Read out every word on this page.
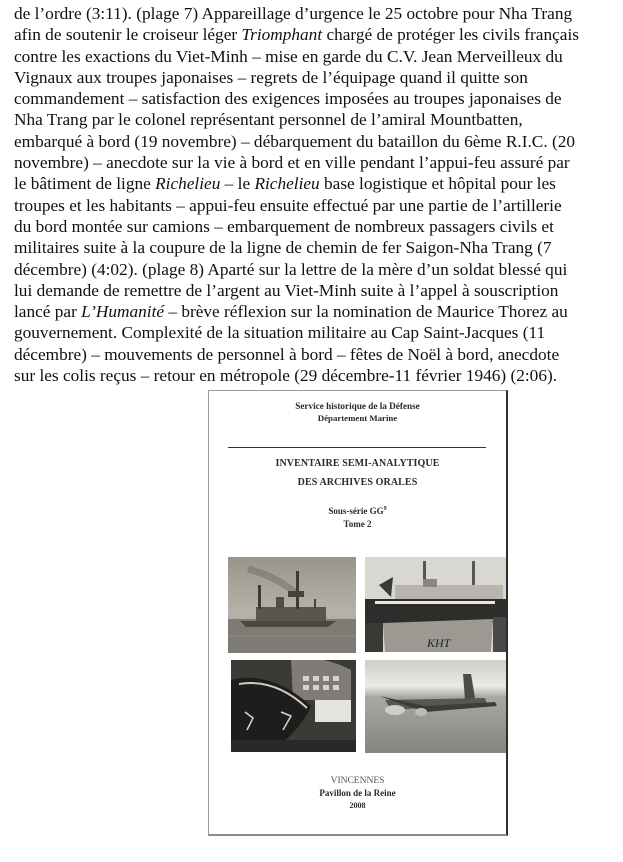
de l’ordre (3:11). (plage 7) Appareillage d’urgence le 25 octobre pour Nha Trang
afin de soutenir le croiseur léger Triomphant chargé de protéger les civils français
contre les exactions du Viet-Minh – mise en garde du C.V. Jean Merveilleux du
Vignaux aux troupes japonaises – regrets de l’équipage quand il quitte son
commandement – satisfaction des exigences imposées au troupes japonaises de
Nha Trang par le colonel représentant personnel de l’amiral Mountbatten,
embarqué à bord (19 novembre) – débarquement du bataillon du 6ème R.I.C. (20
novembre) – anecdote sur la vie à bord et en ville pendant l’appui-feu assuré par
le bâtiment de ligne Richelieu – le Richelieu base logistique et hôpital pour les
troupes et les habitants – appui-feu ensuite effectué par une partie de l’artillerie
du bord montée sur camions – embarquement de nombreux passagers civils et
militaires suite à la coupure de la ligne de chemin de fer Saigon-Nha Trang (7
décembre) (4:02). (plage 8) Aparté sur la lettre de la mère d’un soldat blessé qui
lui demande de remettre de l’argent au Viet-Minh suite à l’appel à souscription
lancé par L’Humanité – brève réflexion sur la nomination de Maurice Thorez au
gouvernement. Complexité de la situation militaire au Cap Saint-Jacques (11
décembre) – mouvements de personnel à bord – fêtes de Noël à bord, anecdote
sur les colis reçus – retour en métropole (29 décembre-11 février 1946) (2:06).
Service historique de la Défense
Département Marine
INVENTAIRE SEMI-ANALYTIQUE
DES ARCHIVES ORALES
Sous-série $GG^9$
Tome 2
KHT
VINCENNES
Pavillon de la Reine
2008
